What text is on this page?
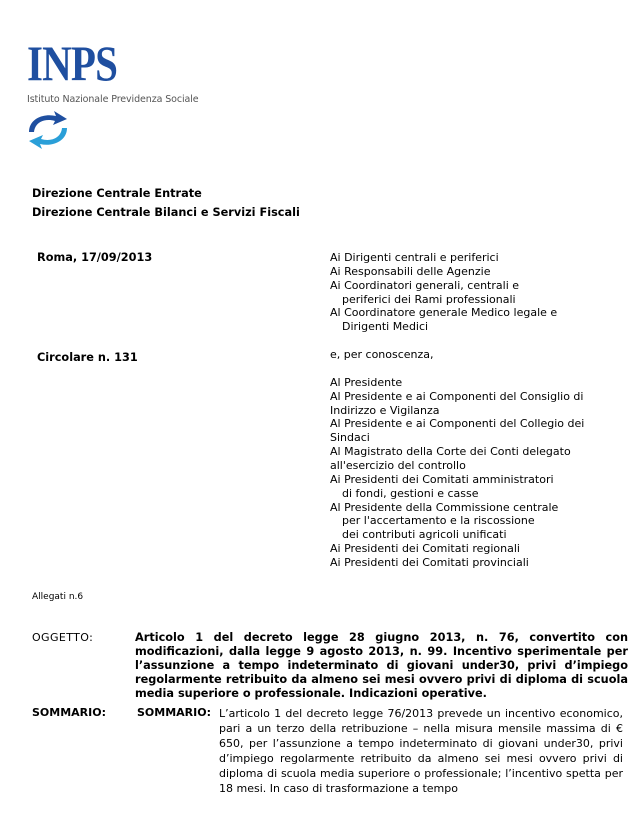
INPS
Istituto Nazionale Previdenza Sociale
Direzione Centrale Entrate
Direzione Centrale Bilanci e Servizi Fiscali
Roma, 17/09/2013
Circolare n. 131
Ai Dirigenti centrali e periferici
Ai Responsabili delle Agenzie
Ai Coordinatori generali, centrali e
periferici dei Rami professionali
Al Coordinatore generale Medico legale e
Dirigenti Medici
e, per conoscenza,
Al Presidente
Al Presidente e ai Componenti del Consiglio di
Indirizzo e Vigilanza
Al Presidente e ai Componenti del Collegio dei
Sindaci
Al Magistrato della Corte dei Conti delegato
all'esercizio del controllo
Ai Presidenti dei Comitati amministratori
di fondi, gestioni e casse
Al Presidente della Commissione centrale
per l'accertamento e la riscossione
dei contributi agricoli unificati
Ai Presidenti dei Comitati regionali
Ai Presidenti dei Comitati provinciali
Allegati n.6
OGGETTO:	Articolo 1 del decreto legge 28 giugno 2013, n. 76, convertito con modificazioni, dalla legge 9 agosto 2013, n. 99. Incentivo sperimentale per l’assunzione a tempo indeterminato di giovani under30, privi d’impiego regolarmente retribuito da almeno sei mesi ovvero privi di diploma di scuola media superiore o professionale. Indicazioni operative.
SOMMARIO:	SOMMARIO: L’articolo 1 del decreto legge 76/2013 prevede un incentivo economico, pari a un terzo della retribuzione – nella misura mensile massima di € 650, per l’assunzione a tempo indeterminato di giovani under30, privi d’impiego regolarmente retribuito da almeno sei mesi ovvero privi di diploma di scuola media superiore o professionale; l’incentivo spetta per 18 mesi. In caso di trasformazione a tempo
